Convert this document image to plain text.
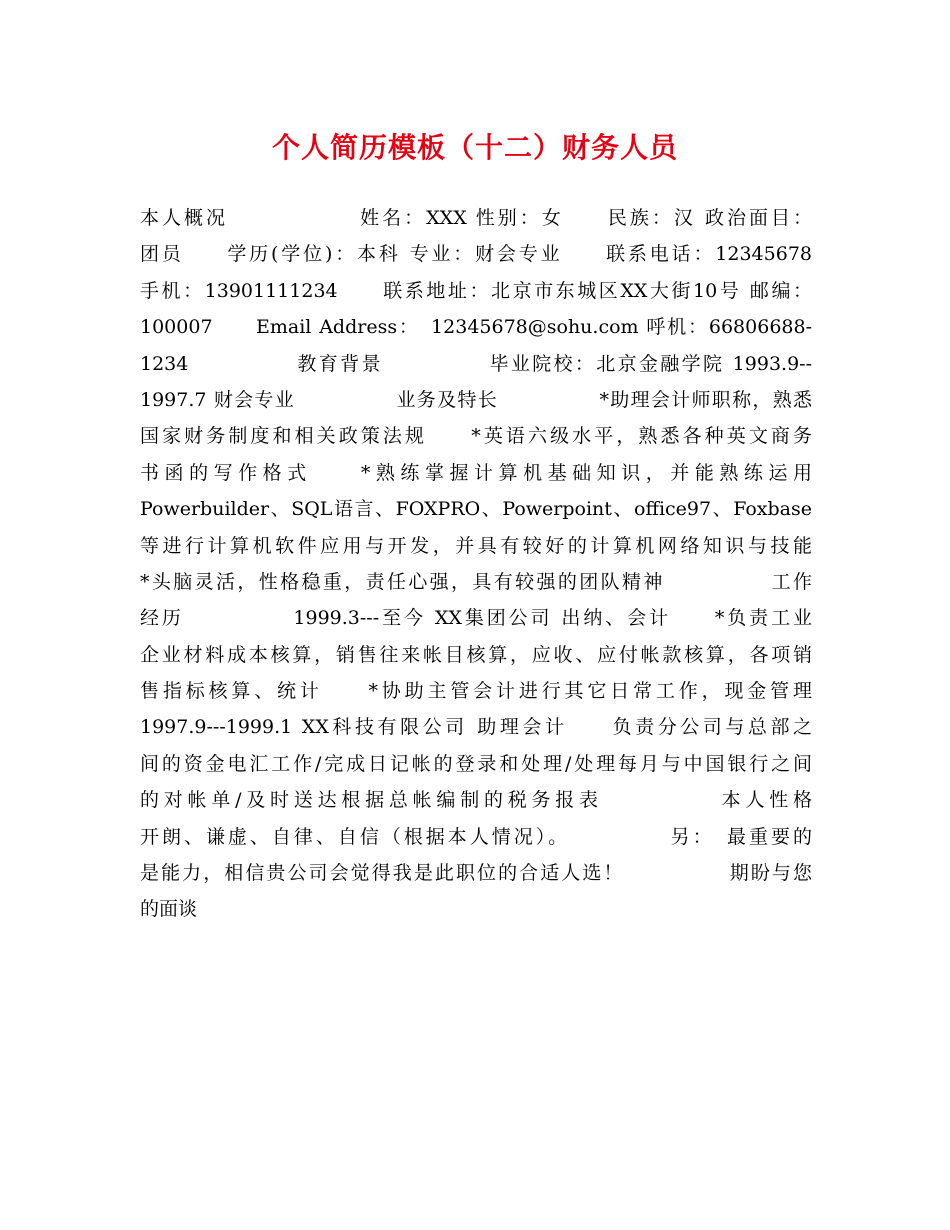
个人简历模板（十二）财务人员
本人概况　　　　　　姓名：XXX 性别：女　　民族：汉 政治面目：
团员　　学历(学位)：本科 专业：财会专业　　联系电话：12345678
手机：13901111234　　联系地址：北京市东城区XX大街10号 邮编：
100007　　Email Address：　12345678@sohu.com 呼机：66806688-
1234　　　　　教育背景　　　　　毕业院校：北京金融学院 1993.9--
1997.7 财会专业　　　　　业务及特长　　　　　*助理会计师职称，熟悉
国家财务制度和相关政策法规　　*英语六级水平，熟悉各种英文商务
书函的写作格式　　*熟练掌握计算机基础知识，并能熟练运用
Powerbuilder、SQL语言、FOXPRO、Powerpoint、office97、Foxbase
等进行计算机软件应用与开发，并具有较好的计算机网络知识与技能
*头脑灵活，性格稳重，责任心强，具有较强的团队精神　　　　　工作
经历　　　　　1999.3---至今 XX集团公司 出纳、会计　　*负责工业
企业材料成本核算，销售往来帐目核算，应收、应付帐款核算，各项销
售指标核算、统计　　*协助主管会计进行其它日常工作，现金管理
1997.9---1999.1 XX科技有限公司 助理会计　　负责分公司与总部之
间的资金电汇工作/完成日记帐的登录和处理/处理每月与中国银行之间
的对帐单/及时送达根据总帐编制的税务报表　　　　　本人性格
开朗、谦虚、自律、自信（根据本人情况）。　　　　　另：　最重要的
是能力，相信贵公司会觉得我是此职位的合适人选！　　　　　期盼与您
的面谈
